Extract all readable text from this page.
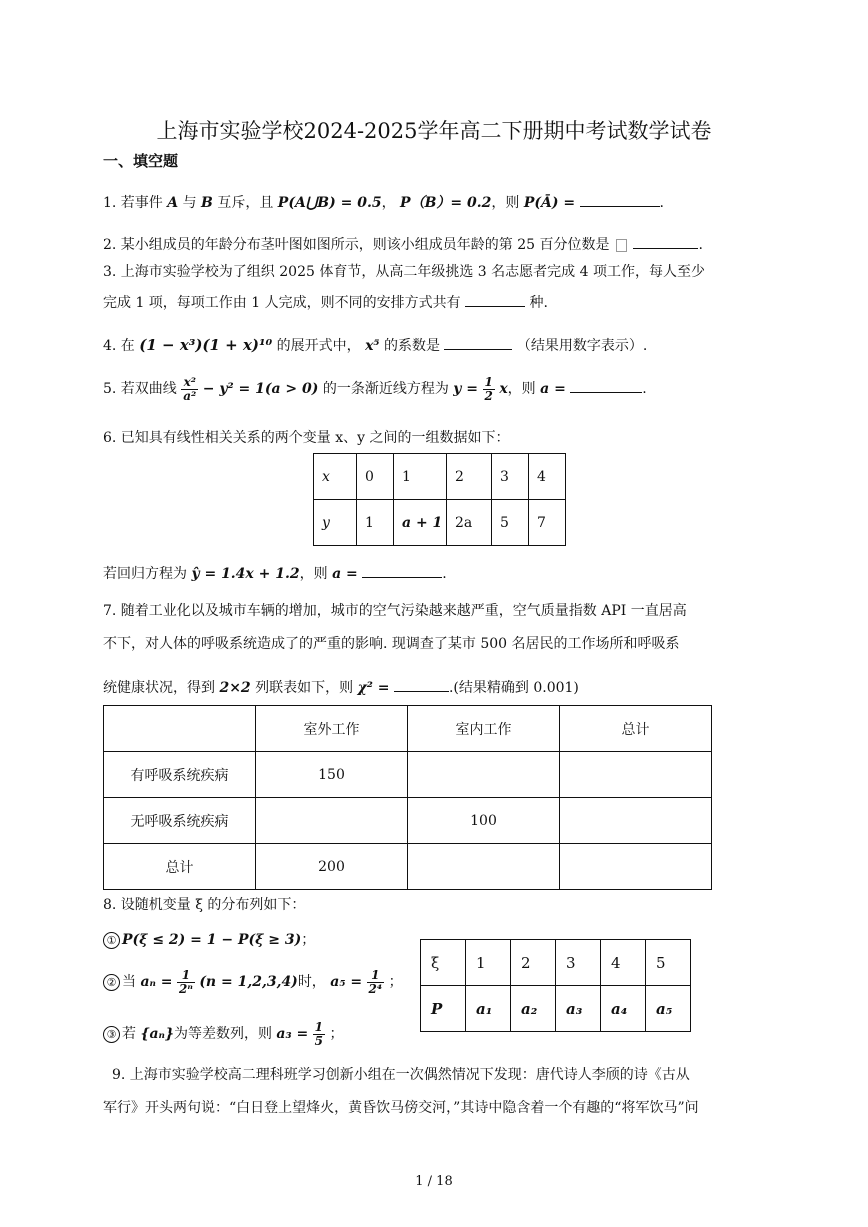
上海市实验学校2024-2025学年高二下册期中考试数学试卷
一、填空题
1. 若事件 A 与 B 互斥，且 P(A⋃B) = 0.5， P（B）= 0.2，则 P(Ā) =	.
2. 某小组成员的年龄分布茎叶图如图所示，则该小组成员年龄的第 25 百分位数是	.
3. 上海市实验学校为了组织 2025 体育节，从高二年级挑选 3 名志愿者完成 4 项工作，每人至少
完成 1 项，每项工作由 1 人完成，则不同的安排方式共有	种.
4. 在 (1 − x³)(1 + x)¹⁰ 的展开式中， x⁵ 的系数是	（结果用数字表示）.
5. 若双曲线 $\frac{\text{x²}}{\text{a²}} - y^2 = 1(a > 0)$ 的一条渐近线方程为 $y = \frac{1}{2}$ x，则 a =	.
6. 已知具有线性相关关系的两个变量 x、y 之间的一组数据如下：
x	0	1	2	3	4
y	1	a + 1	2a	5	7
若回归方程为 ŷ = 1.4x + 1.2，则 a =	.
7. 随着工业化以及城市车辆的增加，城市的空气污染越来越严重，空气质量指数 API 一直居高
不下，对人体的呼吸系统造成了的严重的影响. 现调查了某市 500 名居民的工作场所和呼吸系
统健康状况，得到 2×2 列联表如下，则 χ² =	.(结果精确到 0.001)
	室外工作	室内工作	总计
有呼吸系统疾病	150		
无呼吸系统疾病		100	
总计	200		
8. 设随机变量 ξ 的分布列如下：
① P(ξ ≤ 2) = 1 − P(ξ ≥ 3)；
② 当 $a_n = \frac{1}{\text{2ⁿ}} (n = 1,2,3,4)$时， $a_5 = \frac{1}{\text{2⁴}}$ ；
③ 若 {aₙ}为等差数列，则 $a_3 = \frac{1}{5}$ ；
ξ	1	2	3	4	5
P	a₁	a₂	a₃	a₄	a₅
9. 上海市实验学校高二理科班学习创新小组在一次偶然情况下发现：唐代诗人李颀的诗《古从
军行》开头两句说：“白日登上望烽火，黄昏饮马傍交河，”其诗中隐含着一个有趣的“将军饮马”问
1 / 18
